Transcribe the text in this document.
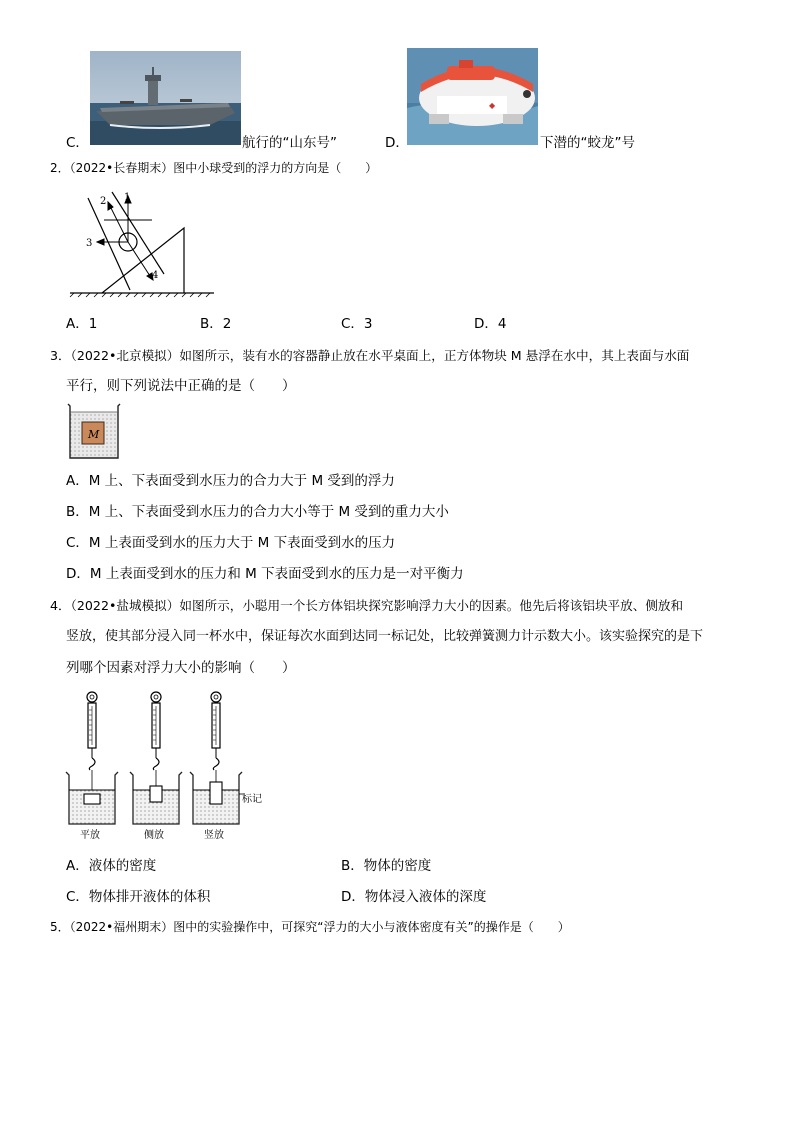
C．	航行的“山东号”
◆
D．	下潜的“蛟龙”号
2．（2022•长春期末）图中小球受到的浮力的方向是（　　）
1
2
3
4
A．1	B．2	C．3	D．4
3．（2022•北京模拟）如图所示，装有水的容器静止放在水平桌面上，正方体物块 M 悬浮在水中，其上表面与水面
平行，则下列说法中正确的是（　　）
M
A．M 上、下表面受到水压力的合力大于 M 受到的浮力
B．M 上、下表面受到水压力的合力大小等于 M 受到的重力大小
C．M 上表面受到水的压力大于 M 下表面受到水的压力
D．M 上表面受到水的压力和 M 下表面受到水的压力是一对平衡力
4．（2022•盐城模拟）如图所示，小聪用一个长方体铝块探究影响浮力大小的因素。他先后将该铝块平放、侧放和
竖放，使其部分浸入同一杯水中，保证每次水面到达同一标记处，比较弹簧测力计示数大小。该实验探究的是下
列哪个因素对浮力大小的影响（　　）
标记
平放	侧放	竖放
A．液体的密度	B．物体的密度
C．物体排开液体的体积	D．物体浸入液体的深度
5．（2022•福州期末）图中的实验操作中，可探究“浮力的大小与液体密度有关”的操作是（　　）
